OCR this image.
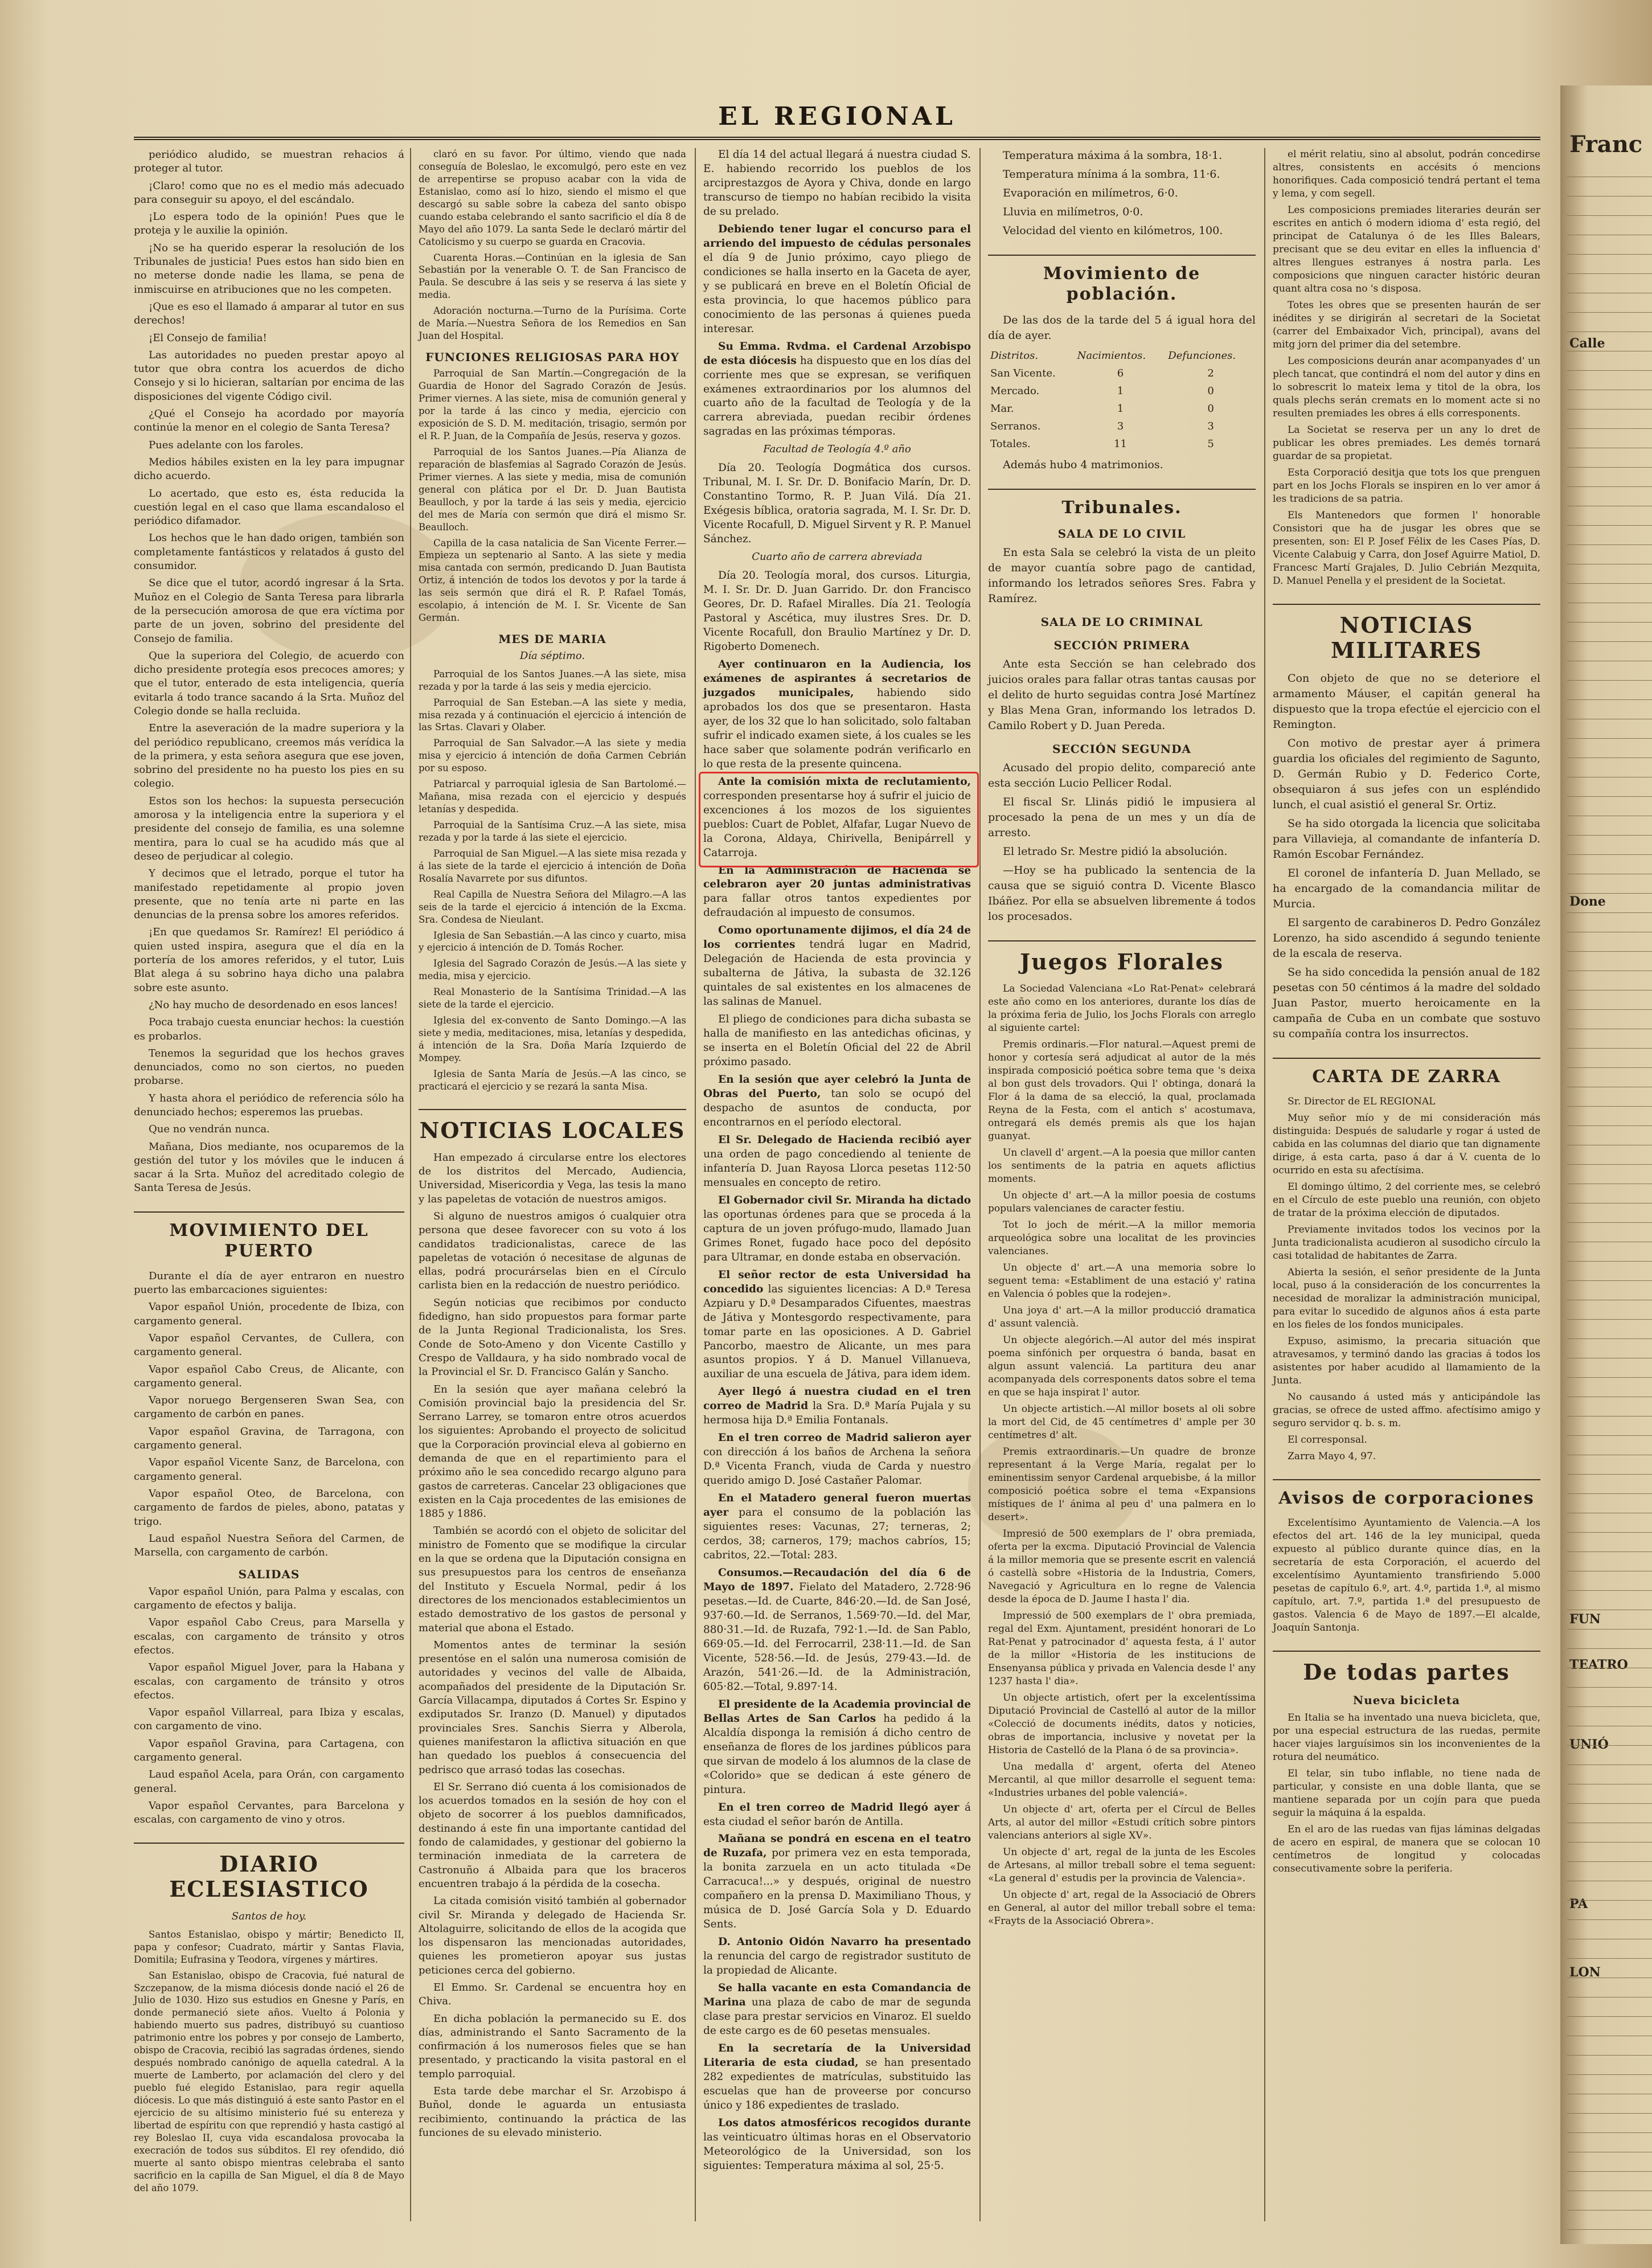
EL REGIONAL

periódico aludido, se muestran rehacios á proteger al tutor.

¡Claro! como que no es el medio más adecuado para conseguir su apoyo, el del escándalo.

¡Lo espera todo de la opinión! Pues que le proteja y le auxilie la opinión.

¡No se ha querido esperar la resolución de los Tribunales de justicia! Pues estos han sido bien en no meterse donde nadie les llama, se pena de inmiscuirse en atribuciones que no les competen.

¡Que es eso el llamado á amparar al tutor en sus derechos!

¡El Consejo de familia!

Las autoridades no pueden prestar apoyo al tutor que obra contra los acuerdos de dicho Consejo y si lo hicieran, saltarían por encima de las disposiciones del vigente Código civil.

¿Qué el Consejo ha acordado por mayoría continúe la menor en el colegio de Santa Teresa?

Pues adelante con los faroles.

Medios hábiles existen en la ley para impugnar dicho acuerdo.

Lo acertado, que esto es, ésta reducida la cuestión legal en el caso que llama escandaloso el periódico difamador.

Los hechos que le han dado origen, también son completamente fantásticos y relatados á gusto del consumidor.

Se dice que el tutor, acordó ingresar á la Srta. Muñoz en el Colegio de Santa Teresa para librarla de la persecución amorosa de que era víctima por parte de un joven, sobrino del presidente del Consejo de familia.

Que la superiora del Colegio, de acuerdo con dicho presidente protegía esos precoces amores; y que el tutor, enterado de esta inteligencia, quería evitarla á todo trance sacando á la Srta. Muñoz del Colegio donde se halla recluida.

Entre la aseveración de la madre superiora y la del periódico republicano, creemos más verídica la de la primera, y esta señora asegura que ese joven, sobrino del presidente no ha puesto los pies en su colegio.

Estos son los hechos: la supuesta persecución amorosa y la inteligencia entre la superiora y el presidente del consejo de familia, es una solemne mentira, para lo cual se ha acudido más que al deseo de perjudicar al colegio.

Y decimos que el letrado, porque el tutor ha manifestado repetidamente al propio joven presente, que no tenía arte ni parte en las denuncias de la prensa sobre los amores referidos.

¡En que quedamos Sr. Ramírez! El periódico á quien usted inspira, asegura que el día en la portería de los amores referidos, y el tutor, Luis Blat alega á su sobrino haya dicho una palabra sobre este asunto.

¿No hay mucho de desordenado en esos lances!

Poca trabajo cuesta enunciar hechos: la cuestión es probarlos.

Tenemos la seguridad que los hechos graves denunciados, como no son ciertos, no pueden probarse.

Y hasta ahora el periódico de referencia sólo ha denunciado hechos; esperemos las pruebas.

Que no vendrán nunca.

Mañana, Dios mediante, nos ocuparemos de la gestión del tutor y los móviles que le inducen á sacar á la Srta. Muñoz del acreditado colegio de Santa Teresa de Jesús.

MOVIMIENTO DEL PUERTO

Durante el día de ayer entraron en nuestro puerto las embarcaciones siguientes:

Vapor español Unión, procedente de Ibiza, con cargamento general.

Vapor español Cervantes, de Cullera, con cargamento general.

Vapor español Cabo Creus, de Alicante, con cargamento general.

Vapor noruego Bergenseren Swan Sea, con cargamento de carbón en panes.

Vapor español Gravina, de Tarragona, con cargamento general.

Vapor español Vicente Sanz, de Barcelona, con cargamento general.

Vapor español Oteo, de Barcelona, con cargamento de fardos de pieles, abono, patatas y trigo.

Laud español Nuestra Señora del Carmen, de Marsella, con cargamento de carbón.

SALIDAS

Vapor español Unión, para Palma y escalas, con cargamento de efectos y balija.

Vapor español Cabo Creus, para Marsella y escalas, con cargamento de tránsito y otros efectos.

Vapor español Miguel Jover, para la Habana y escalas, con cargamento de tránsito y otros efectos.

Vapor español Villarreal, para Ibiza y escalas, con cargamento de vino.

Vapor español Gravina, para Cartagena, con cargamento general.

Laud español Acela, para Orán, con cargamento general.

Vapor español Cervantes, para Barcelona y escalas, con cargamento de vino y otros.

DIARIO ECLESIASTICO
Santos de hoy.

Santos Estanislao, obispo y mártir; Benedicto II, papa y confesor; Cuadrato, mártir y Santas Flavia, Domitila; Eufrasina y Teodora, vírgenes y mártires.

San Estanislao, obispo de Cracovia, fué natural de Szczepanow, de la misma diócesis donde nació el 26 de Julio de 1030. Hizo sus estudios en Gnesne y París, en donde permaneció siete años. Vuelto á Polonia y habiendo muerto sus padres, distribuyó su cuantioso patrimonio entre los pobres y por consejo de Lamberto, obispo de Cracovia, recibió las sagradas órdenes, siendo después nombrado canónigo de aquella catedral. A la muerte de Lamberto, por aclamación del clero y del pueblo fué elegido Estanislao, para regir aquella diócesis. Lo que más distinguió á este santo Pastor en el ejercicio de su altísimo ministerio fué su entereza y libertad de espíritu con que reprendió y hasta castigó al rey Boleslao II, cuya vida escandalosa provocaba la execración de todos sus súbditos. El rey ofendido, dió muerte al santo obispo mientras celebraba el santo sacrificio en la capilla de San Miguel, el día 8 de Mayo del año 1079.

claró en su favor. Por último, viendo que nada conseguía de Boleslao, le excomulgó, pero este en vez de arrepentirse se propuso acabar con la vida de Estanislao, como así lo hizo, siendo el mismo el que descargó su sable sobre la cabeza del santo obispo cuando estaba celebrando el santo sacrificio el día 8 de Mayo del año 1079. La santa Sede le declaró mártir del Catolicismo y su cuerpo se guarda en Cracovia.

Cuarenta Horas.—Continúan en la iglesia de San Sebastián por la venerable O. T. de San Francisco de Paula. Se descubre á las seis y se reserva á las siete y media.

Adoración nocturna.—Turno de la Purísima. Corte de María.—Nuestra Señora de los Remedios en San Juan del Hospital.

FUNCIONES RELIGIOSAS PARA HOY

Parroquial de San Martín.—Congregación de la Guardia de Honor del Sagrado Corazón de Jesús. Primer viernes. A las siete, misa de comunión general y por la tarde á las cinco y media, ejercicio con exposición de S. D. M. meditación, trisagio, sermón por el R. P. Juan, de la Compañía de Jesús, reserva y gozos.

Parroquial de los Santos Juanes.—Pía Alianza de reparación de blasfemias al Sagrado Corazón de Jesús. Primer viernes. A las siete y media, misa de comunión general con plática por el Dr. D. Juan Bautista Beaulloch, y por la tarde á las seis y media, ejercicio del mes de María con sermón que dirá el mismo Sr. Beaulloch.

Capilla de la casa natalicia de San Vicente Ferrer.—Empieza un septenario al Santo. A las siete y media misa cantada con sermón, predicando D. Juan Bautista Ortiz, á intención de todos los devotos y por la tarde á las seis sermón que dirá el R. P. Rafael Tomás, escolapio, á intención de M. I. Sr. Vicente de San Germán.

MES DE MARIA
Día séptimo.

Parroquial de los Santos Juanes.—A las siete, misa rezada y por la tarde á las seis y media ejercicio.

Parroquial de San Esteban.—A las siete y media, misa rezada y á continuación el ejercicio á intención de las Srtas. Clavari y Olaber.

Parroquial de San Salvador.—A las siete y media misa y ejercicio á intención de doña Carmen Cebrián por su esposo.

Patriarcal y parroquial iglesia de San Bartolomé.—Mañana, misa rezada con el ejercicio y después letanías y despedida.

Parroquial de la Santísima Cruz.—A las siete, misa rezada y por la tarde á las siete el ejercicio.

Parroquial de San Miguel.—A las siete misa rezada y á las siete de la tarde el ejercicio á intención de Doña Rosalía Navarrete por sus difuntos.

Real Capilla de Nuestra Señora del Milagro.—A las seis de la tarde el ejercicio á intención de la Excma. Sra. Condesa de Nieulant.

Iglesia de San Sebastián.—A las cinco y cuarto, misa y ejercicio á intención de D. Tomás Rocher.

Iglesia del Sagrado Corazón de Jesús.—A las siete y media, misa y ejercicio.

Real Monasterio de la Santísima Trinidad.—A las siete de la tarde el ejercicio.

Iglesia del ex-convento de Santo Domingo.—A las siete y media, meditaciones, misa, letanías y despedida, á intención de la Sra. Doña María Izquierdo de Mompey.

Iglesia de Santa María de Jesús.—A las cinco, se practicará el ejercicio y se rezará la santa Misa.

NOTICIAS LOCALES

Han empezado á circularse entre los electores de los distritos del Mercado, Audiencia, Universidad, Misericordia y Vega, las tesis la mano y las papeletas de votación de nuestros amigos.

Si alguno de nuestros amigos ó cualquier otra persona que desee favorecer con su voto á los candidatos tradicionalistas, carece de las papeletas de votación ó necesitase de algunas de ellas, podrá procurárselas bien en el Círculo carlista bien en la redacción de nuestro periódico.

Según noticias que recibimos por conducto fidedigno, han sido propuestos para formar parte de la Junta Regional Tradicionalista, los Sres. Conde de Soto-Ameno y don Vicente Castillo y Crespo de Valldaura, y ha sido nombrado vocal de la Provincial el Sr. D. Francisco Galán y Sancho.

En la sesión que ayer mañana celebró la Comisión provincial bajo la presidencia del Sr. Serrano Larrey, se tomaron entre otros acuerdos los siguientes: Aprobando el proyecto de solicitud que la Corporación provincial eleva al gobierno en demanda de que en el repartimiento para el próximo año le sea concedido recargo alguno para gastos de carreteras. Cancelar 23 obligaciones que existen en la Caja procedentes de las emisiones de 1885 y 1886.

También se acordó con el objeto de solicitar del ministro de Fomento que se modifique la circular en la que se ordena que la Diputación consigna en sus presupuestos para los centros de enseñanza del Instituto y Escuela Normal, pedir á los directores de los mencionados establecimientos un estado demostrativo de los gastos de personal y material que abona el Estado.

Momentos antes de terminar la sesión presentóse en el salón una numerosa comisión de autoridades y vecinos del valle de Albaida, acompañados del presidente de la Diputación Sr. García Villacampa, diputados á Cortes Sr. Espino y exdiputados Sr. Iranzo (D. Manuel) y diputados provinciales Sres. Sanchis Sierra y Alberola, quienes manifestaron la aflictiva situación en que han quedado los pueblos á consecuencia del pedrisco que arrasó todas las cosechas.

El Sr. Serrano dió cuenta á los comisionados de los acuerdos tomados en la sesión de hoy con el objeto de socorrer á los pueblos damnificados, destinando á este fin una importante cantidad del fondo de calamidades, y gestionar del gobierno la terminación inmediata de la carretera de Castronuño á Albaida para que los braceros encuentren trabajo á la pérdida de la cosecha.

La citada comisión visitó también al gobernador civil Sr. Miranda y delegado de Hacienda Sr. Altolaguirre, solicitando de ellos de la acogida que los dispensaron las mencionadas autoridades, quienes les prometieron apoyar sus justas peticiones cerca del gobierno.

El Emmo. Sr. Cardenal se encuentra hoy en Chiva.

En dicha población la permanecido su E. dos días, administrando el Santo Sacramento de la confirmación á los numerosos fieles que se han presentado, y practicando la visita pastoral en el templo parroquial.

Esta tarde debe marchar el Sr. Arzobispo á Buñol, donde le aguarda un entusiasta recibimiento, continuando la práctica de las funciones de su elevado ministerio.

El día 14 del actual llegará á nuestra ciudad S. E. habiendo recorrido los pueblos de los arciprestazgos de Ayora y Chiva, donde en largo transcurso de tiempo no habían recibido la visita de su prelado.

Debiendo tener lugar el concurso para el arriendo del impuesto de cédulas personales el día 9 de Junio próximo, cayo pliego de condiciones se halla inserto en la Gaceta de ayer, y se publicará en breve en el Boletín Oficial de esta provincia, lo que hacemos público para conocimiento de las personas á quienes pueda interesar.

Su Emma. Rvdma. el Cardenal Arzobispo de esta diócesis ha dispuesto que en los días del corriente mes que se expresan, se verifiquen exámenes extraordinarios por los alumnos del cuarto año de la facultad de Teología y de la carrera abreviada, puedan recibir órdenes sagradas en las próximas témporas.

Facultad de Teología 4.º año

Día 20. Teología Dogmática dos cursos. Tribunal, M. I. Sr. Dr. D. Bonifacio Marín, Dr. D. Constantino Tormo, R. P. Juan Vilá. Día 21. Exégesis bíblica, oratoria sagrada, M. I. Sr. Dr. D. Vicente Rocafull, D. Miguel Sirvent y R. P. Manuel Sánchez.

Cuarto año de carrera abreviada

Día 20. Teología moral, dos cursos. Liturgia, M. I. Sr. Dr. D. Juan Garrido. Dr. don Francisco Geores, Dr. D. Rafael Miralles. Día 21. Teología Pastoral y Ascética, muy ilustres Sres. Dr. D. Vicente Rocafull, don Braulio Martínez y Dr. D. Rigoberto Domenech.

Ayer continuaron en la Audiencia, los exámenes de aspirantes á secretarios de juzgados municipales, habiendo sido aprobados los dos que se presentaron. Hasta ayer, de los 32 que lo han solicitado, solo faltaban sufrir el indicado examen siete, á los cuales se les hace saber que solamente podrán verificarlo en lo que resta de la presente quincena.

Ante la comisión mixta de reclutamiento, corresponden presentarse hoy á sufrir el juicio de excenciones á los mozos de los siguientes pueblos: Cuart de Poblet, Alfafar, Lugar Nuevo de la Corona, Aldaya, Chirivella, Benipárrell y Catarroja.

En la Administración de Hacienda se celebraron ayer 20 juntas administrativas para fallar otros tantos expedientes por defraudación al impuesto de consumos.

Como oportunamente dijimos, el día 24 de los corrientes tendrá lugar en Madrid, Delegación de Hacienda de esta provincia y subalterna de Játiva, la subasta de 32.126 quintales de sal existentes en los almacenes de las salinas de Manuel.

El pliego de condiciones para dicha subasta se halla de manifiesto en las antedichas oficinas, y se inserta en el Boletín Oficial del 22 de Abril próximo pasado.

En la sesión que ayer celebró la Junta de Obras del Puerto, tan solo se ocupó del despacho de asuntos de conducta, por encontrarnos en el período electoral.

El Sr. Delegado de Hacienda recibió ayer una orden de pago concediendo al teniente de infantería D. Juan Rayosa Llorca pesetas 112·50 mensuales en concepto de retiro.

El Gobernador civil Sr. Miranda ha dictado las oportunas órdenes para que se proceda á la captura de un joven prófugo-mudo, llamado Juan Grimes Ronet, fugado hace poco del depósito para Ultramar, en donde estaba en observación.

El señor rector de esta Universidad ha concedido las siguientes licencias: A D.ª Teresa Azpiaru y D.ª Desamparados Cifuentes, maestras de Játiva y Montesgordo respectivamente, para tomar parte en las oposiciones. A D. Gabriel Pancorbo, maestro de Alicante, un mes para asuntos propios. Y á D. Manuel Villanueva, auxiliar de una escuela de Játiva, para idem idem.

Ayer llegó á nuestra ciudad en el tren correo de Madrid la Sra. D.ª María Pujala y su hermosa hija D.ª Emilia Fontanals.

En el tren correo de Madrid salieron ayer con dirección á los baños de Archena la señora D.ª Vicenta Franch, viuda de Carda y nuestro querido amigo D. José Castañer Palomar.

En el Matadero general fueron muertas ayer para el consumo de la población las siguientes reses: Vacunas, 27; terneras, 2; cerdos, 38; carneros, 179; machos cabríos, 15; cabritos, 22.—Total: 283.

Consumos.—Recaudación del día 6 de Mayo de 1897. Fielato del Matadero, 2.728·96 pesetas.—Id. de Cuarte, 846·20.—Id. de San José, 937·60.—Id. de Serranos, 1.569·70.—Id. del Mar, 880·31.—Id. de Ruzafa, 792·1.—Id. de San Pablo, 669·05.—Id. del Ferrocarril, 238·11.—Id. de San Vicente, 528·56.—Id. de Jesús, 279·43.—Id. de Arazón, 541·26.—Id. de la Administración, 605·82.—Total, 9.897·14.

El presidente de la Academia provincial de Bellas Artes de San Carlos ha pedido á la Alcaldía disponga la remisión á dicho centro de enseñanza de flores de los jardines públicos para que sirvan de modelo á los alumnos de la clase de «Colorido» que se dedican á este género de pintura.

En el tren correo de Madrid llegó ayer á esta ciudad el señor barón de Antilla.

Mañana se pondrá en escena en el teatro de Ruzafa, por primera vez en esta temporada, la bonita zarzuela en un acto titulada «De Carracuca!...» y después, original de nuestro compañero en la prensa D. Maximiliano Thous, y música de D. José García Sola y D. Eduardo Sents.

D. Antonio Oidón Navarro ha presentado la renuncia del cargo de registrador sustituto de la propiedad de Alicante.

Se halla vacante en esta Comandancia de Marina una plaza de cabo de mar de segunda clase para prestar servicios en Vinaroz. El sueldo de este cargo es de 60 pesetas mensuales.

En la secretaría de la Universidad Literaria de esta ciudad, se han presentado 282 expedientes de matrículas, substituido las escuelas que han de proveerse por concurso único y 186 expedientes de traslado.

Los datos atmosféricos recogidos durante las veinticuatro últimas horas en el Observatorio Meteorológico de la Universidad, son los siguientes: Temperatura máxima al sol, 25·5.

Temperatura máxima á la sombra, 18·1.

Temperatura mínima á la sombra, 11·6.

Evaporación en milímetros, 6·0.

Lluvia en milímetros, 0·0.

Velocidad del viento en kilómetros, 100.

Movimiento de población.

De las dos de la tarde del 5 á igual hora del día de ayer.

Distritos.	Nacimientos.	Defunciones.
San Vicente.	6	2
Mercado.	1	0
Mar.	1	0
Serranos.	3	3
Totales.	11	5

Además hubo 4 matrimonios.

Tribunales.
SALA DE LO CIVIL

En esta Sala se celebró la vista de un pleito de mayor cuantía sobre pago de cantidad, informando los letrados señores Sres. Fabra y Ramírez.

SALA DE LO CRIMINAL
SECCIÓN PRIMERA

Ante esta Sección se han celebrado dos juicios orales para fallar otras tantas causas por el delito de hurto seguidas contra José Martínez y Blas Mena Gran, informando los letrados D. Camilo Robert y D. Juan Pereda.

SECCIÓN SEGUNDA

Acusado del propio delito, compareció ante esta sección Lucio Pellicer Rodal.

El fiscal Sr. Llinás pidió le impusiera al procesado la pena de un mes y un día de arresto.

El letrado Sr. Mestre pidió la absolución.

—Hoy se ha publicado la sentencia de la causa que se siguió contra D. Vicente Blasco Ibáñez. Por ella se absuelven libremente á todos los procesados.

Juegos Florales

La Sociedad Valenciana «Lo Rat-Penat» celebrará este año como en los anteriores, durante los días de la próxima feria de Julio, los Jochs Florals con arreglo al siguiente cartel:

Premis ordinaris.—Flor natural.—Aquest premi de honor y cortesía será adjudicat al autor de la més inspirada composició poética sobre tema que 's deixa al bon gust dels trovadors. Qui l' obtinga, donará la Flor á la dama de sa elecció, la qual, proclamada Reyna de la Festa, com el antich s' acostumava, ontregará els demés premis als que los hajan guanyat.

Un clavell d' argent.—A la poesia que millor canten los sentiments de la patria en aquets aflictius moments.

Un objecte d' art.—A la millor poesia de costums populars valencianes de caracter festiu.

Tot lo joch de mérit.—A la millor memoria arqueológica sobre una localitat de les provincies valencianes.

Un objecte d' art.—A una memoria sobre lo seguent tema: «Establiment de una estació y' ratina en Valencia ó pobles que la rodejen».

Una joya d' art.—A la millor producció dramatica d' assunt valencià.

Un objecte alegórich.—Al autor del més inspirat poema sinfónich per orquestra ó banda, basat en algun assunt valenciá. La partitura deu anar acompanyada dels corresponents datos sobre el tema en que se haja inspirat l' autor.

Un objecte artistich.—Al millor bosets al oli sobre la mort del Cid, de 45 centímetres d' ample per 30 centímetres d' alt.

Premis extraordinaris.—Un quadre de bronze representant á la Verge María, regalat per lo eminentissim senyor Cardenal arquebisbe, á la millor composició poética sobre el tema «Expansions místiques de l' ánima al peu d' una palmera en lo desert».

Impresió de 500 exemplars de l' obra premiada, oferta per la excma. Diputació Provincial de Valencia á la millor memoria que se presente escrit en valenciá ó castellà sobre «Historia de la Industria, Comers, Navegació y Agricultura en lo regne de Valencia desde la época de D. Jaume I hasta l' dia.

Impressió de 500 exemplars de l' obra premiada, regal del Exm. Ajuntament, presidént honorari de Lo Rat-Penat y patrocinador d' aquesta festa, á l' autor de la millor «Historia de les institucions de Ensenyansa pública y privada en Valencia desde l' any 1237 hasta l' dia».

Un objecte artistich, ofert per la excelentíssima Diputació Provincial de Castelló al autor de la millor «Colecció de documents inédits, datos y noticies, obras de importancia, inclusive y novetat per la Historia de Castelló de la Plana ó de sa provincia».

Una medalla d' argent, oferta del Ateneo Mercantil, al que millor desarrolle el seguent tema: «Industries urbanes del poble valenciá».

Un objecte d' art, oferta per el Círcul de Belles Arts, al autor del millor «Estudi crítich sobre pintors valencians anteriors al sigle XV».

Un objecte d' art, regal de la junta de les Escoles de Artesans, al millor treball sobre el tema seguent: «La general d' estudis per la provincia de Valencia».

Un objecte d' art, regal de la Associació de Obrers en General, al autor del millor treball sobre el tema: «Frayts de la Associació Obrera».

el mérit relatiu, sino al absolut, podrán concedirse altres, consistents en accésits ó mencions honorifiques. Cada composició tendrá pertant el tema y lema, y com segell.

Les composicions premiades literaries deurán ser escrites en antich ó modern idioma d' esta regió, del principat de Catalunya ó de les Illes Balears, precisant que se deu evitar en elles la influencia d' altres llengues estranyes á nostra parla. Les composicions que ninguen caracter históric deuran quant altra cosa no 's disposa.

Totes les obres que se presenten haurán de ser inédites y se dirigirán al secretari de la Societat (carrer del Embaixador Vich, principal), avans del mitg jorn del primer dia del setembre.

Les composicions deurán anar acompanyades d' un plech tancat, que contindrá el nom del autor y dins en lo sobrescrit lo mateix lema y titol de la obra, los quals plechs serán cremats en lo moment acte si no resulten premiades les obres á ells corresponents.

La Societat se reserva per un any lo dret de publicar les obres premiades. Les demés tornará guardar de sa propietat.

Esta Corporació desitja que tots los que prenguen part en los Jochs Florals se inspiren en lo ver amor á les tradicions de sa patria.

Els Mantenedors que formen l' honorable Consistori que ha de jusgar les obres que se presenten, son: El P. Josef Félix de les Cases Pías, D. Vicente Calabuig y Carra, don Josef Aguirre Matiol, D. Francesc Martí Grajales, D. Julio Cebrián Mezquita, D. Manuel Penella y el president de la Societat.

NOTICIAS MILITARES

Con objeto de que no se deteriore el armamento Máuser, el capitán general ha dispuesto que la tropa efectúe el ejercicio con el Remington.

Con motivo de prestar ayer á primera guardia los oficiales del regimiento de Sagunto, D. Germán Rubio y D. Federico Corte, obsequiaron á sus jefes con un espléndido lunch, el cual asistió el general Sr. Ortiz.

Se ha sido otorgada la licencia que solicitaba para Villavieja, al comandante de infantería D. Ramón Escobar Fernández.

El coronel de infantería D. Juan Mellado, se ha encargado de la comandancia militar de Murcia.

El sargento de carabineros D. Pedro González Lorenzo, ha sido ascendido á segundo teniente de la escala de reserva.

Se ha sido concedida la pensión anual de 182 pesetas con 50 céntimos á la madre del soldado Juan Pastor, muerto heroicamente en la campaña de Cuba en un combate que sostuvo su compañía contra los insurrectos.

CARTA DE ZARRA

Sr. Director de EL REGIONAL

Muy señor mío y de mi consideración más distinguida: Después de saludarle y rogar á usted de cabida en las columnas del diario que tan dignamente dirige, á esta carta, paso á dar á V. cuenta de lo ocurrido en esta su afectísima.

El domingo último, 2 del corriente mes, se celebró en el Círculo de este pueblo una reunión, con objeto de tratar de la próxima elección de diputados.

Previamente invitados todos los vecinos por la Junta tradicionalista acudieron al susodicho círculo la casi totalidad de habitantes de Zarra.

Abierta la sesión, el señor presidente de la Junta local, puso á la consideración de los concurrentes la necesidad de moralizar la administración municipal, para evitar lo sucedido de algunos años á esta parte en los fieles de los fondos municipales.

Expuso, asimismo, la precaria situación que atravesamos, y terminó dando las gracias á todos los asistentes por haber acudido al llamamiento de la Junta.

No causando á usted más y anticipándole las gracias, se ofrece de usted affmo. afectísimo amigo y seguro servidor q. b. s. m.

El corresponsal.

Zarra Mayo 4, 97.

Avisos de corporaciones

Excelentísimo Ayuntamiento de Valencia.—A los efectos del art. 146 de la ley municipal, queda expuesto al público durante quince días, en la secretaría de esta Corporación, el acuerdo del excelentísimo Ayuntamiento transfiriendo 5.000 pesetas de capítulo 6.º, art. 4.º, partida 1.ª, al mismo capítulo, art. 7.º, partida 1.ª del presupuesto de gastos. Valencia 6 de Mayo de 1897.—El alcalde, Joaquín Santonja.

De todas partes
Nueva bicicleta

En Italia se ha inventado una nueva bicicleta, que, por una especial estructura de las ruedas, permite hacer viajes larguísimos sin los inconvenientes de la rotura del neumático.

El telar, sin tubo inflable, no tiene nada de particular, y consiste en una doble llanta, que se mantiene separada por un cojín para que pueda seguir la máquina á la espalda.

En el aro de las ruedas van fijas láminas delgadas de acero en espiral, de manera que se colocan 10 centímetros de longitud y colocadas consecutivamente sobre la periferia.

Franc
Calle
Done
PA
LON
FUN
TEATRO
UNIÓ
